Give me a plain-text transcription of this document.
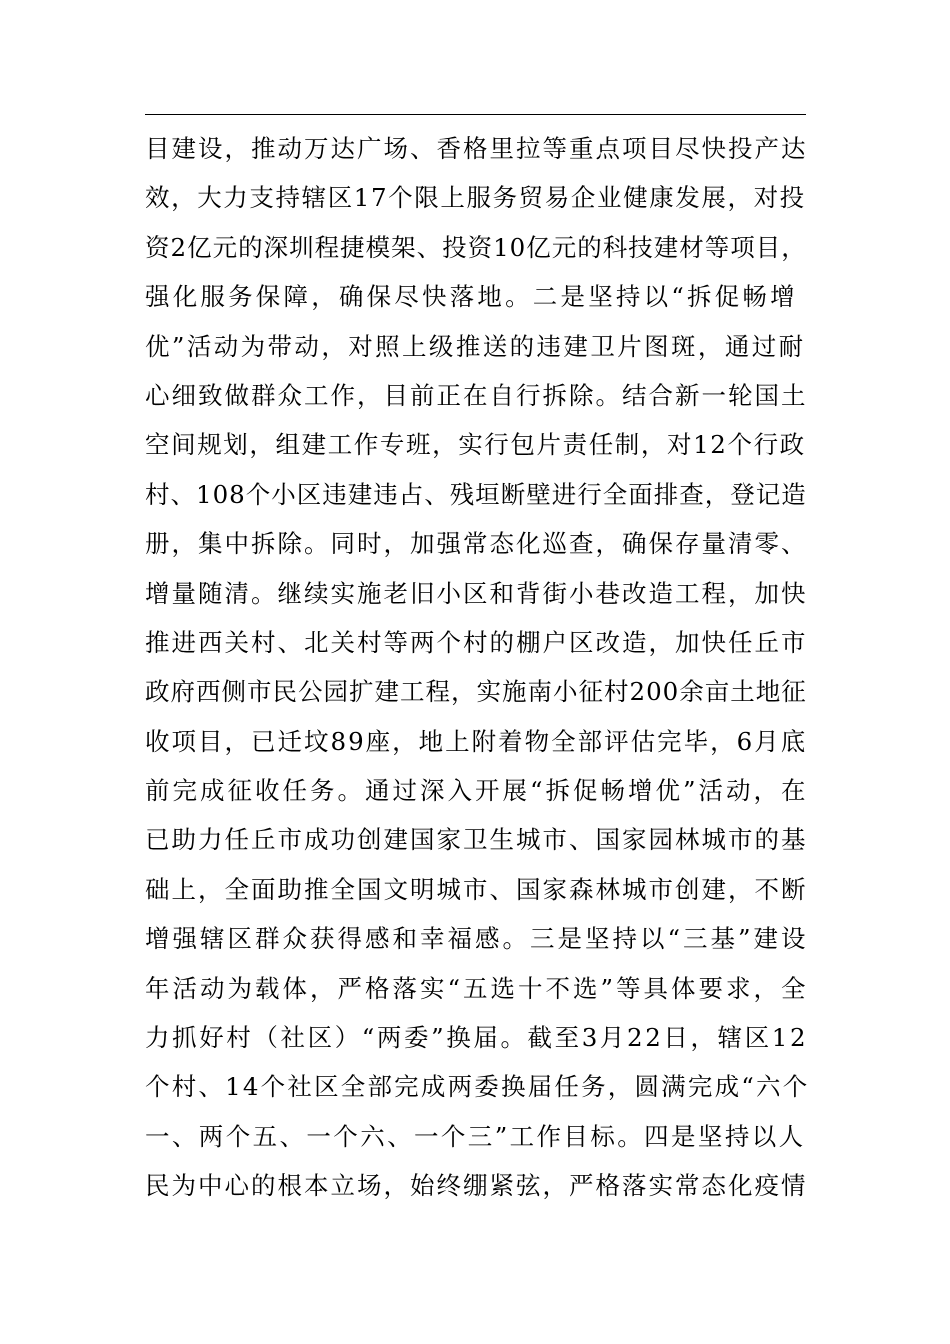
目建设，推动万达广场、香格里拉等重点项目尽快投产达
效，大力支持辖区17个限上服务贸易企业健康发展，对投
资2亿元的深圳程捷模架、投资10亿元的科技建材等项目，
强化服务保障，确保尽快落地。二是坚持以“拆促畅增
优”活动为带动，对照上级推送的违建卫片图斑，通过耐
心细致做群众工作，目前正在自行拆除。结合新一轮国土
空间规划，组建工作专班，实行包片责任制，对12个行政
村、108个小区违建违占、残垣断壁进行全面排查，登记造
册，集中拆除。同时，加强常态化巡查，确保存量清零、
增量随清。继续实施老旧小区和背街小巷改造工程，加快
推进西关村、北关村等两个村的棚户区改造，加快任丘市
政府西侧市民公园扩建工程，实施南小征村200余亩土地征
收项目，已迁坟89座，地上附着物全部评估完毕，6月底
前完成征收任务。通过深入开展“拆促畅增优”活动，在
已助力任丘市成功创建国家卫生城市、国家园林城市的基
础上，全面助推全国文明城市、国家森林城市创建，不断
增强辖区群众获得感和幸福感。三是坚持以“三基”建设
年活动为载体，严格落实“五选十不选”等具体要求，全
力抓好村（社区）“两委”换届。截至3月22日，辖区12
个村、14个社区全部完成两委换届任务，圆满完成“六个
一、两个五、一个六、一个三”工作目标。四是坚持以人
民为中心的根本立场，始终绷紧弦，严格落实常态化疫情
